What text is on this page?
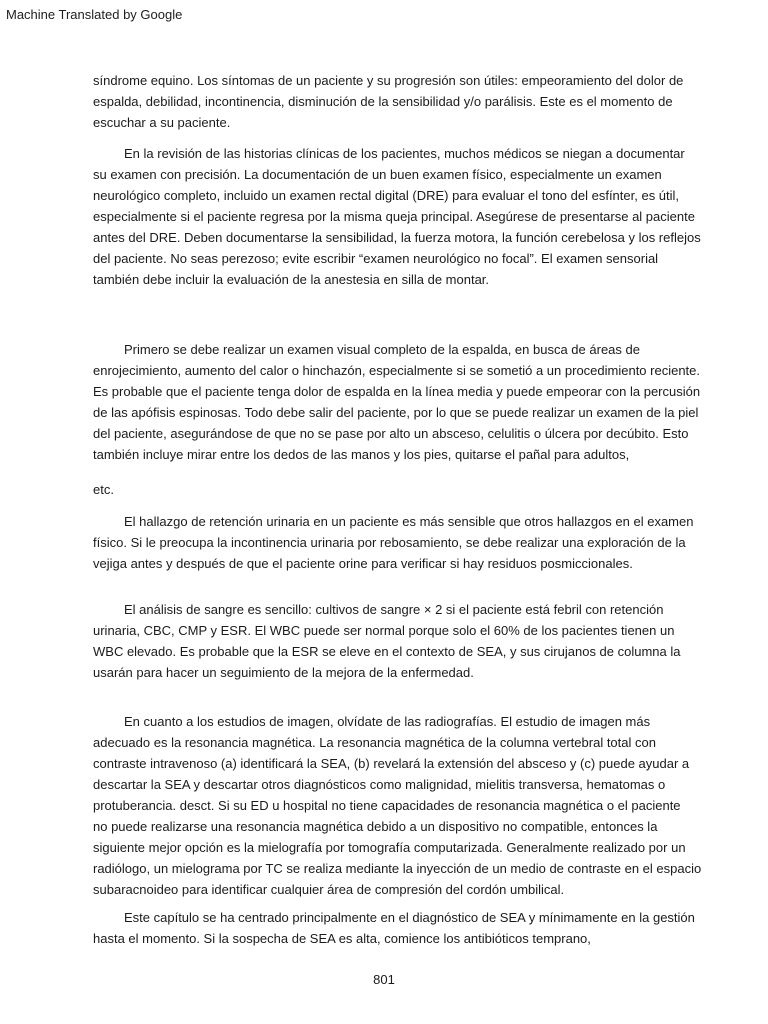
Machine Translated by Google
síndrome equino. Los síntomas de un paciente y su progresión son útiles: empeoramiento del dolor de
espalda, debilidad, incontinencia, disminución de la sensibilidad y/o parálisis. Este es el momento de
escuchar a su paciente.
En la revisión de las historias clínicas de los pacientes, muchos médicos se niegan a documentar
su examen con precisión. La documentación de un buen examen físico, especialmente un examen
neurológico completo, incluido un examen rectal digital (DRE) para evaluar el tono del esfínter, es útil,
especialmente si el paciente regresa por la misma queja principal. Asegúrese de presentarse al paciente
antes del DRE. Deben documentarse la sensibilidad, la fuerza motora, la función cerebelosa y los reflejos
del paciente. No seas perezoso; evite escribir “examen neurológico no focal”. El examen sensorial
también debe incluir la evaluación de la anestesia en silla de montar.
Primero se debe realizar un examen visual completo de la espalda, en busca de áreas de
enrojecimiento, aumento del calor o hinchazón, especialmente si se sometió a un procedimiento reciente.
Es probable que el paciente tenga dolor de espalda en la línea media y puede empeorar con la percusión
de las apófisis espinosas. Todo debe salir del paciente, por lo que se puede realizar un examen de la piel
del paciente, asegurándose de que no se pase por alto un absceso, celulitis o úlcera por decúbito. Esto
también incluye mirar entre los dedos de las manos y los pies, quitarse el pañal para adultos,
etc.
El hallazgo de retención urinaria en un paciente es más sensible que otros hallazgos en el examen
físico. Si le preocupa la incontinencia urinaria por rebosamiento, se debe realizar una exploración de la
vejiga antes y después de que el paciente orine para verificar si hay residuos posmiccionales.
El análisis de sangre es sencillo: cultivos de sangre × 2 si el paciente está febril con retención
urinaria, CBC, CMP y ESR. El WBC puede ser normal porque solo el 60% de los pacientes tienen un
WBC elevado. Es probable que la ESR se eleve en el contexto de SEA, y sus cirujanos de columna la
usarán para hacer un seguimiento de la mejora de la enfermedad.
En cuanto a los estudios de imagen, olvídate de las radiografías. El estudio de imagen más
adecuado es la resonancia magnética. La resonancia magnética de la columna vertebral total con
contraste intravenoso (a) identificará la SEA, (b) revelará la extensión del absceso y (c) puede ayudar a
descartar la SEA y descartar otros diagnósticos como malignidad, mielitis transversa, hematomas o
protuberancia. desct. Si su ED u hospital no tiene capacidades de resonancia magnética o el paciente
no puede realizarse una resonancia magnética debido a un dispositivo no compatible, entonces la
siguiente mejor opción es la mielografía por tomografía computarizada. Generalmente realizado por un
radiólogo, un mielograma por TC se realiza mediante la inyección de un medio de contraste en el espacio
subaracnoideo para identificar cualquier área de compresión del cordón umbilical.
Este capítulo se ha centrado principalmente en el diagnóstico de SEA y mínimamente en la gestión
hasta el momento. Si la sospecha de SEA es alta, comience los antibióticos temprano,
801
